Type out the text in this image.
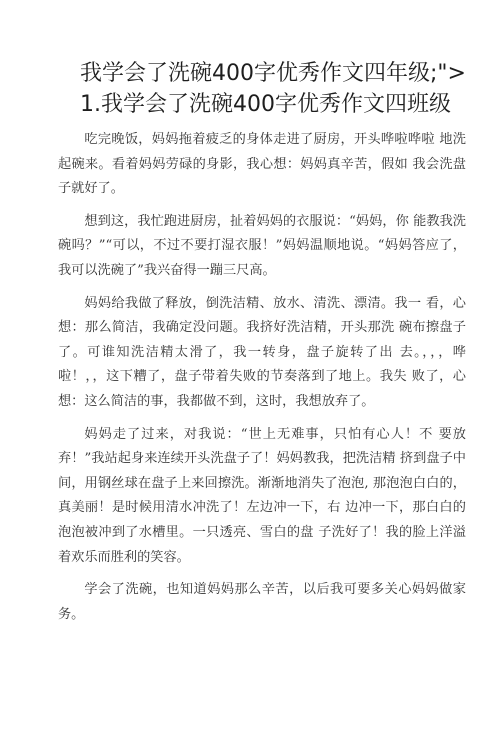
我学会了洗碗400字优秀作文四年级;">1.我学会了洗碗400字优秀作文四班级

吃完晚饭，妈妈拖着疲乏的身体走进了厨房，开头哗啦哗啦 地洗起碗来。看着妈妈劳碌的身影，我心想：妈妈真辛苦，假如 我会洗盘子就好了。

想到这，我忙跑进厨房，扯着妈妈的衣服说：“妈妈，你 能教我洗碗吗？”“可以，不过不要打湿衣服！”妈妈温顺地说。“妈妈答应了，我可以洗碗了”我兴奋得一蹦三尺高。

妈妈给我做了释放，倒洗洁精、放水、清洗、漂清。我一 看，心想：那么简洁，我确定没问题。我挤好洗洁精，开头那洗 碗布擦盘子了。可谁知洗洁精太滑了，我一转身，盘子旋转了出 去。，，，哗啦！，，这下糟了，盘子带着失败的节奏落到了地上。我失 败了，心想：这么简洁的事，我都做不到，这时，我想放弃了。

妈妈走了过来，对我说：“世上无难事，只怕有心人！不 要放弃！”我站起身来连续开头洗盘子了！妈妈教我，把洗洁精 挤到盘子中间，用钢丝球在盘子上来回擦洗。渐渐地消失了泡泡, 那泡泡白白的，真美丽！是时候用清水冲洗了！左边冲一下，右 边冲一下，那白白的泡泡被冲到了水槽里。一只透亮、雪白的盘 子洗好了！我的脸上洋溢着欢乐而胜利的笑容。

学会了洗碗，也知道妈妈那么辛苦，以后我可要多关心妈妈做家务。
